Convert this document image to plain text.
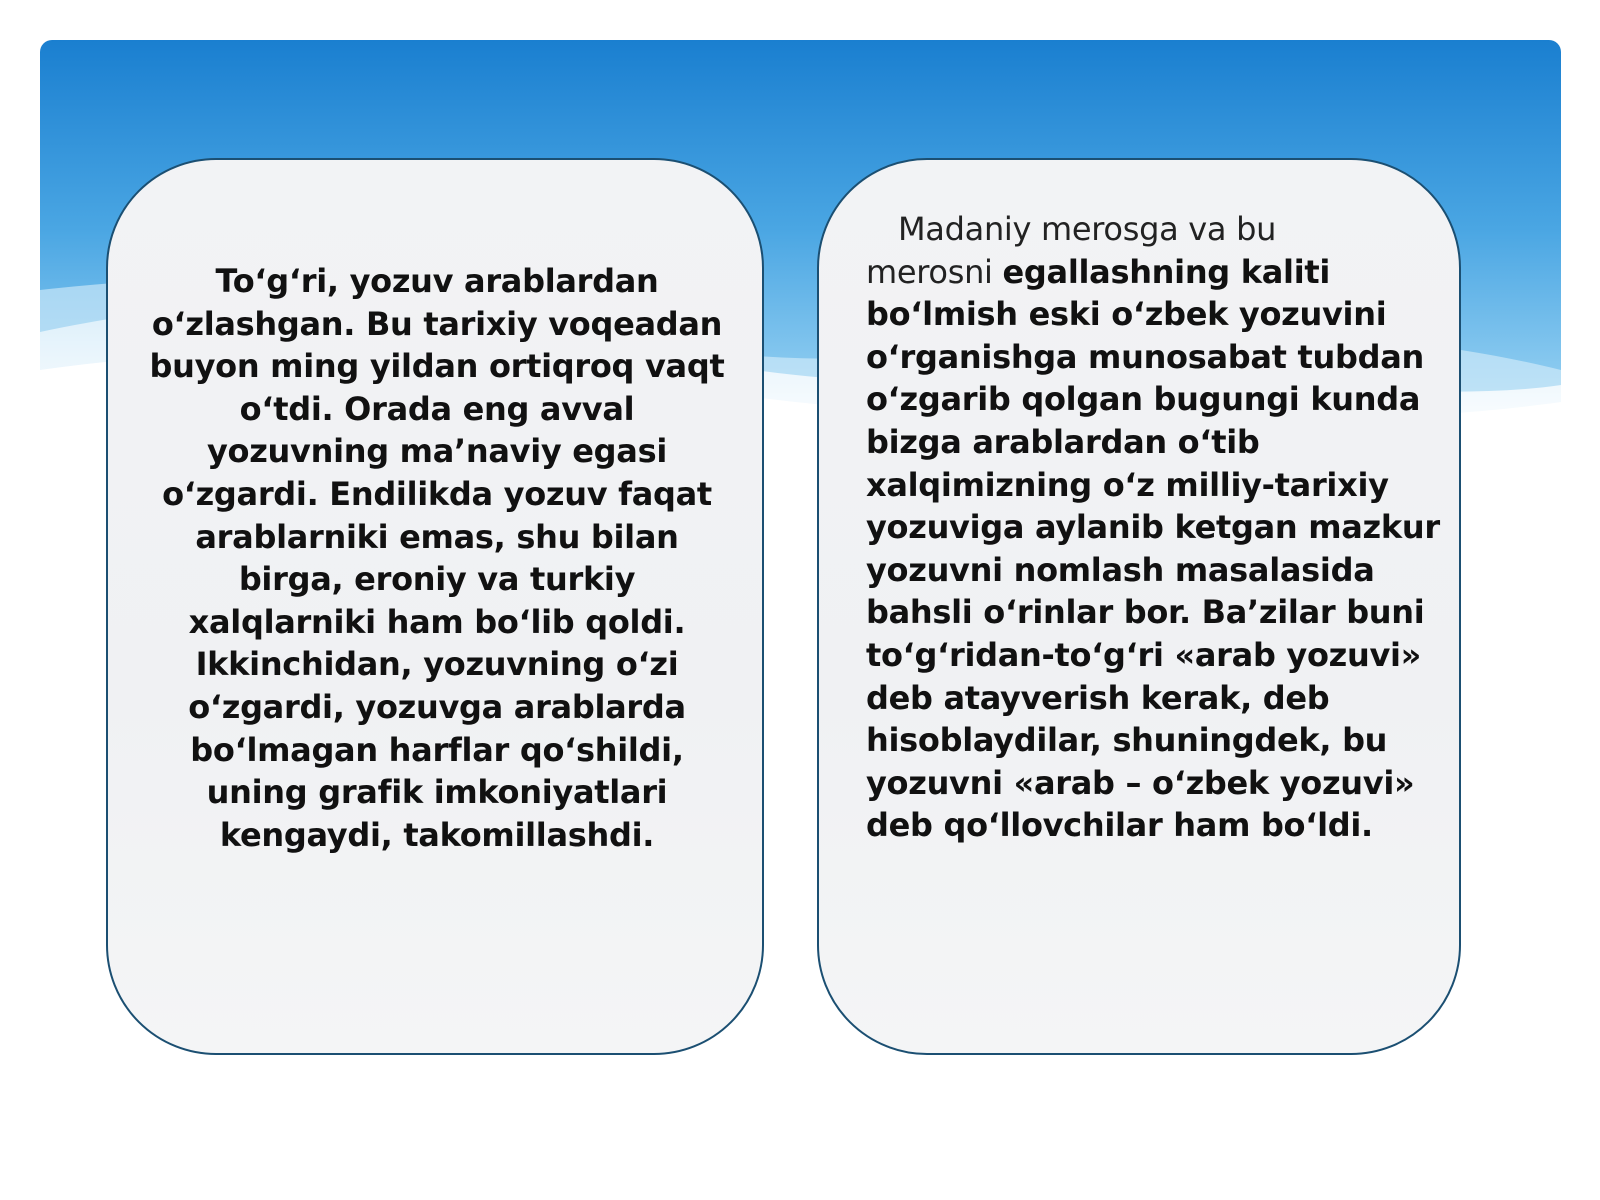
To‘g‘ri, yozuv arablardan o‘zlashgan. Bu tarixiy voqeadan buyon ming yildan ortiqroq vaqt o‘tdi. Orada eng avval yozuvning ma’naviy egasi o‘zgardi. Endilikda yozuv faqat arablarniki emas, shu bilan birga, eroniy va turkiy xalqlarniki ham bo‘lib qoldi. Ikkinchidan, yozuvning o‘zi o‘zgardi, yozuvga arablarda bo‘lmagan harflar qo‘shildi, uning grafik imkoniyatlari kengaydi, takomillashdi.
Madaniy merosga va bu
merosni egallashning kaliti bo‘lmish eski o‘zbek yozuvini o‘rganishga munosabat tubdan o‘zgarib qolgan bugungi kunda bizga arablardan o‘tib xalqimizning o‘z milliy-tarixiy yozuviga aylanib ketgan mazkur yozuvni nomlash masalasida bahsli o‘rinlar bor. Ba’zilar buni to‘g‘ridan-to‘g‘ri «arab yozuvi» deb atayverish kerak, deb hisoblaydilar, shuningdek, bu yozuvni «arab – o‘zbek yozuvi» deb qo‘llovchilar ham bo‘ldi.
